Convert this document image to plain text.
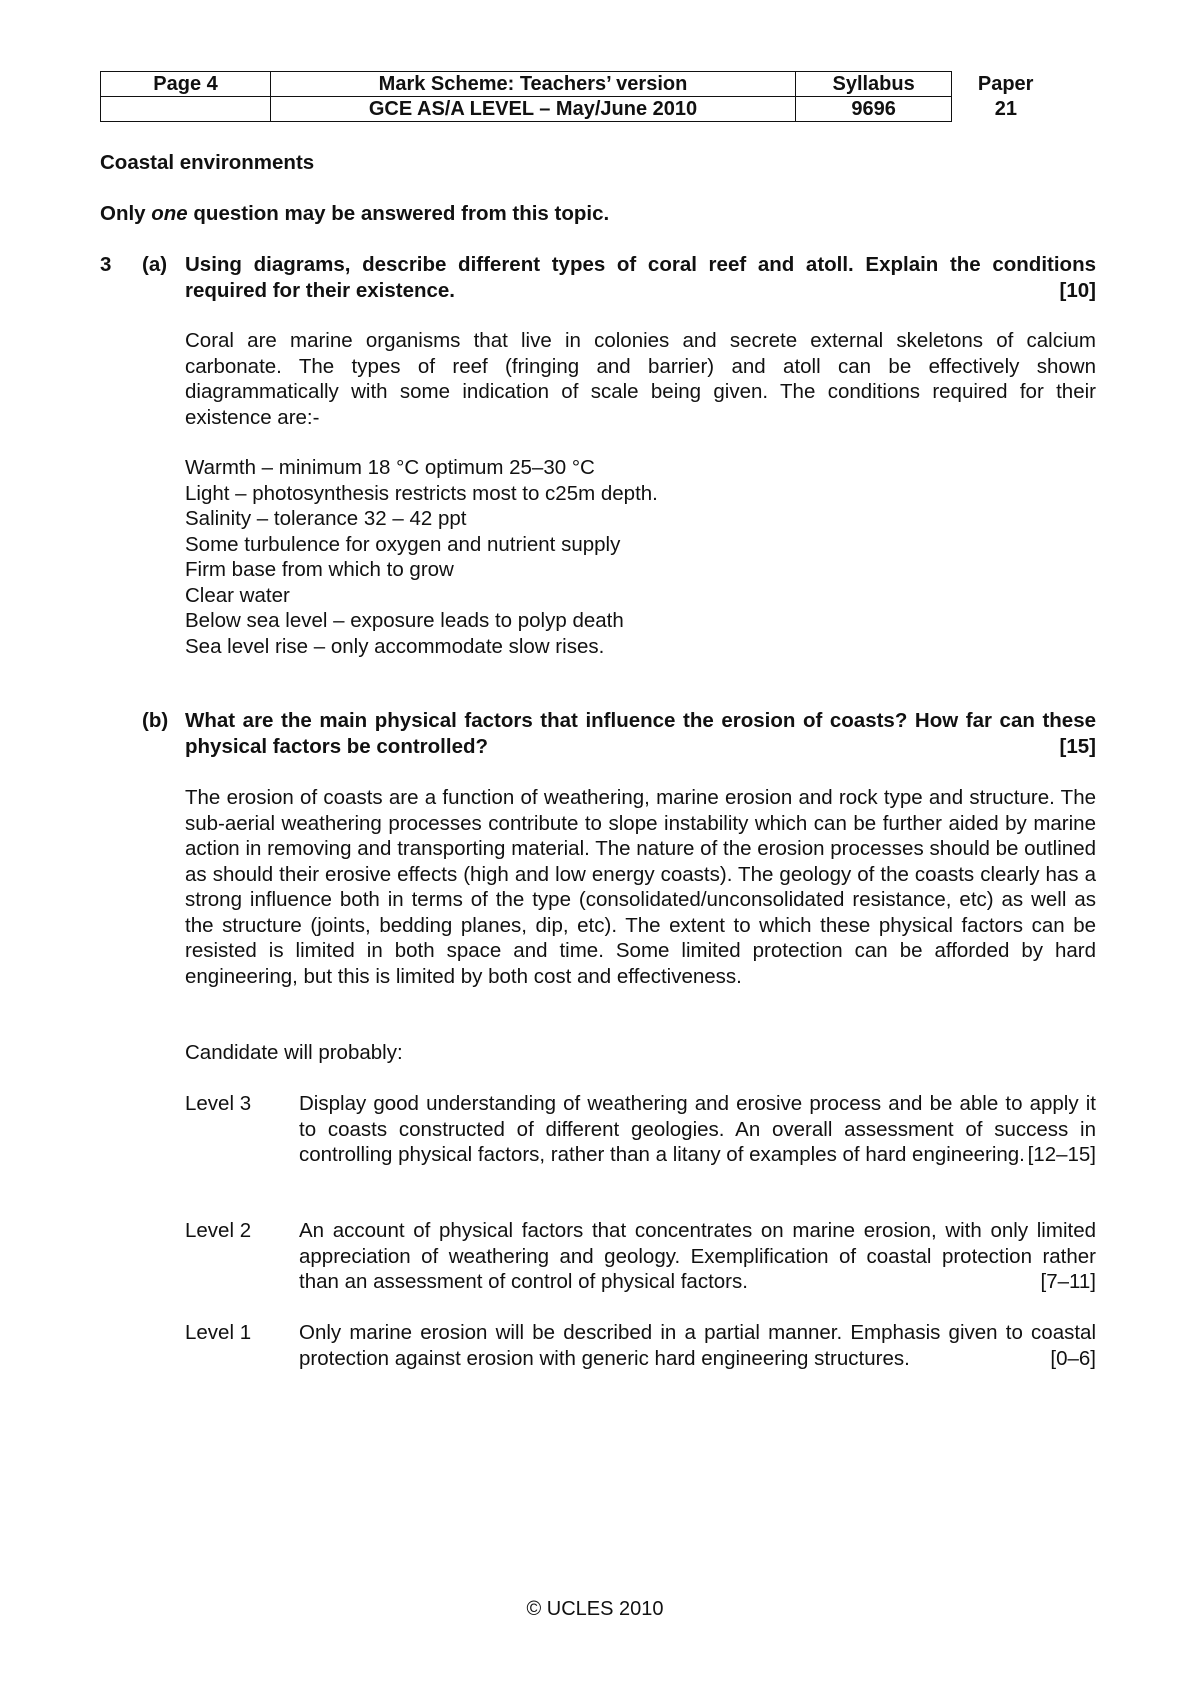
Page 4	Mark Scheme: Teachers’ version	Syllabus	Paper
	GCE AS/A LEVEL – May/June 2010	9696	21
Coastal environments
Only one question may be answered from this topic.
3 (a) Using diagrams, describe different types of coral reef and atoll. Explain the conditions required for their existence.	[10]
Coral are marine organisms that live in colonies and secrete external skeletons of calcium carbonate. The types of reef (fringing and barrier) and atoll can be effectively shown diagrammatically with some indication of scale being given. The conditions required for their existence are:-
Warmth – minimum 18 °C optimum 25–30 °C
Light – photosynthesis restricts most to c25m depth.
Salinity – tolerance 32 – 42 ppt
Some turbulence for oxygen and nutrient supply
Firm base from which to grow
Clear water
Below sea level – exposure leads to polyp death
Sea level rise – only accommodate slow rises.
(b) What are the main physical factors that influence the erosion of coasts? How far can these physical factors be controlled?	[15]
The erosion of coasts are a function of weathering, marine erosion and rock type and structure. The sub-aerial weathering processes contribute to slope instability which can be further aided by marine action in removing and transporting material. The nature of the erosion processes should be outlined as should their erosive effects (high and low energy coasts). The geology of the coasts clearly has a strong influence both in terms of the type (consolidated/unconsolidated resistance, etc) as well as the structure (joints, bedding planes, dip, etc). The extent to which these physical factors can be resisted is limited in both space and time. Some limited protection can be afforded by hard engineering, but this is limited by both cost and effectiveness.
Candidate will probably:
Level 3	Display good understanding of weathering and erosive process and be able to apply it to coasts constructed of different geologies. An overall assessment of success in controlling physical factors, rather than a litany of examples of hard engineering. [12–15]
Level 2	An account of physical factors that concentrates on marine erosion, with only limited appreciation of weathering and geology. Exemplification of coastal protection rather than an assessment of control of physical factors.	[7–11]
Level 1	Only marine erosion will be described in a partial manner. Emphasis given to coastal protection against erosion with generic hard engineering structures.	[0–6]
© UCLES 2010
